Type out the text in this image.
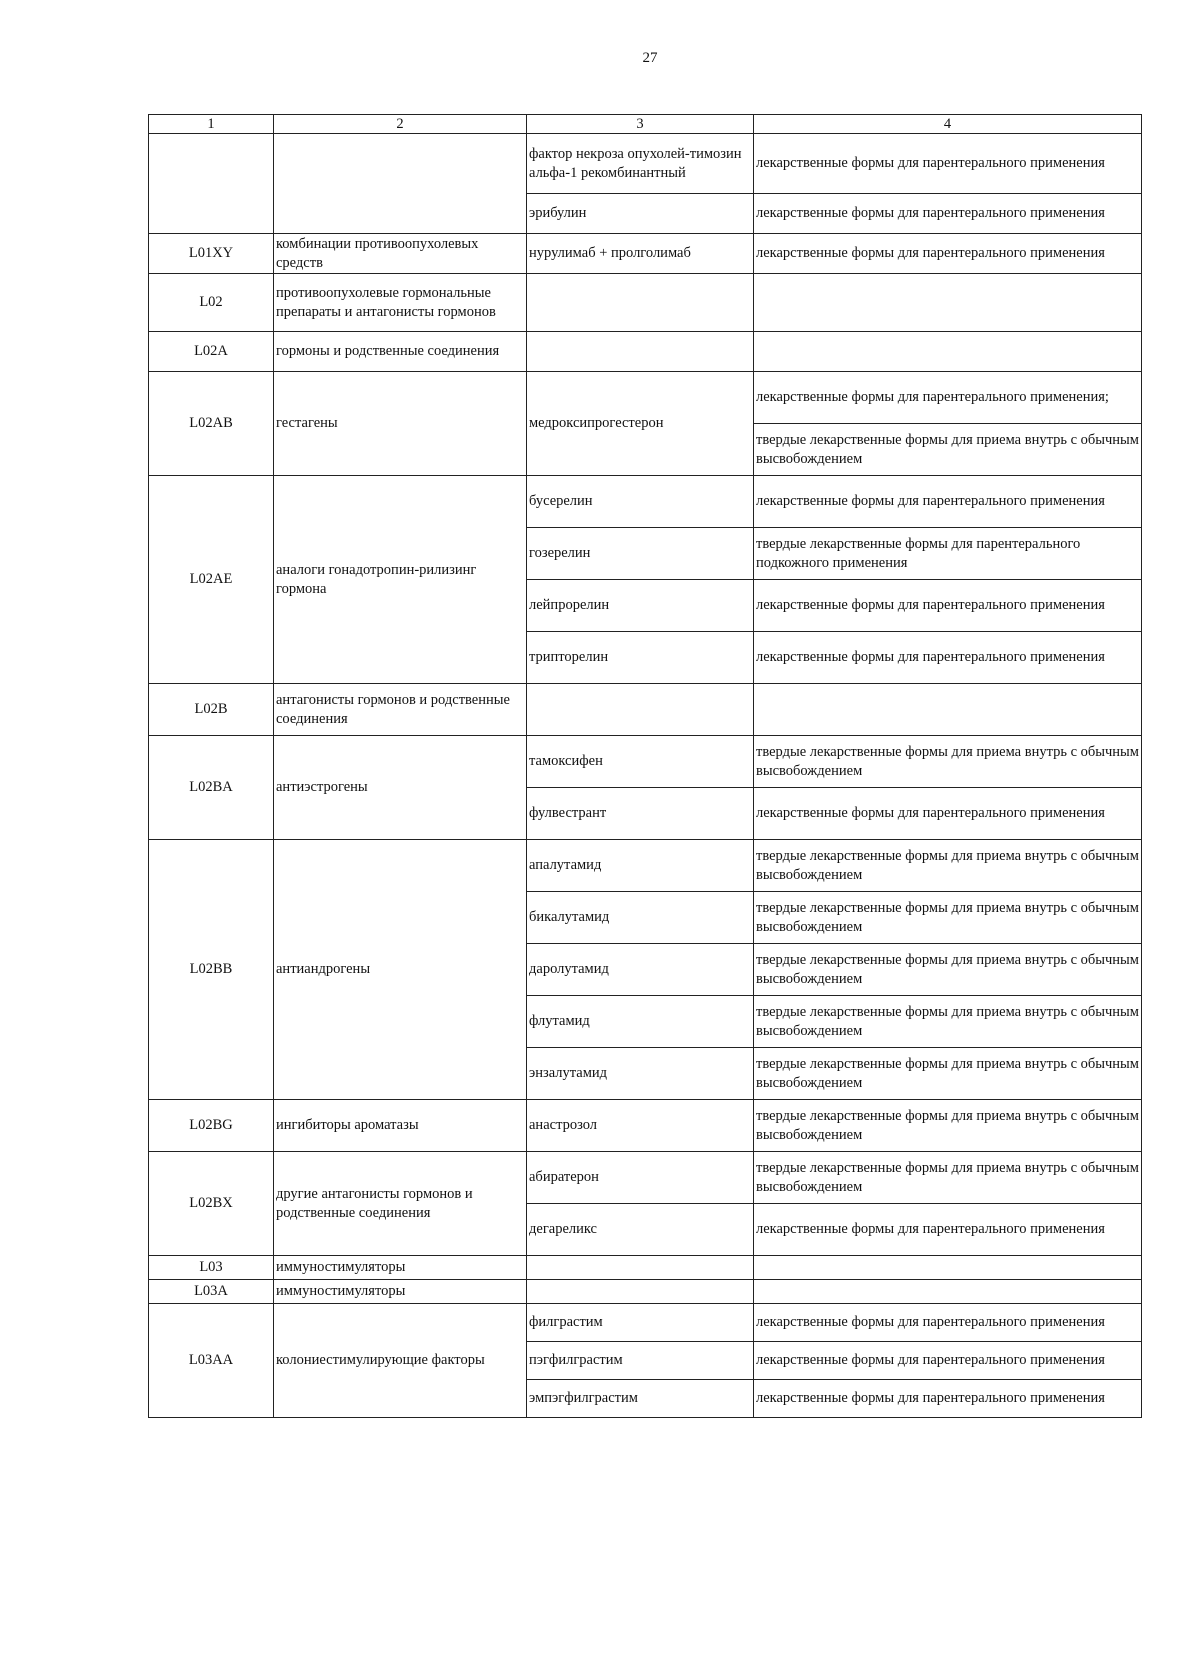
27
1	2	3	4
		фактор некроза опухолей-тимозин альфа-1 рекомбинантный	лекарственные формы для парентерального применения
		эрибулин	лекарственные формы для парентерального применения
L01XY	комбинации противоопухолевых средств	нурулимаб + пролголимаб	лекарственные формы для парентерального применения
L02	противоопухолевые гормональные препараты и антагонисты гормонов		
L02A	гормоны и родственные соединения		
L02AB	гестагены	медроксипрогестерон	лекарственные формы для парентерального применения;
			твердые лекарственные формы для приема внутрь с обычным высвобождением
L02AE	аналоги гонадотропин-рилизинг гормона	бусерелин	лекарственные формы для парентерального применения
		гозерелин	твердые лекарственные формы для парентерального подкожного применения
		лейпрорелин	лекарственные формы для парентерального применения
		трипторелин	лекарственные формы для парентерального применения
L02B	антагонисты гормонов и родственные соединения		
L02BA	антиэстрогены	тамоксифен	твердые лекарственные формы для приема внутрь с обычным высвобождением
		фулвестрант	лекарственные формы для парентерального применения
L02BB	антиандрогены	апалутамид	твердые лекарственные формы для приема внутрь с обычным высвобождением
		бикалутамид	твердые лекарственные формы для приема внутрь с обычным высвобождением
		даролутамид	твердые лекарственные формы для приема внутрь с обычным высвобождением
		флутамид	твердые лекарственные формы для приема внутрь с обычным высвобождением
		энзалутамид	твердые лекарственные формы для приема внутрь с обычным высвобождением
L02BG	ингибиторы ароматазы	анастрозол	твердые лекарственные формы для приема внутрь с обычным высвобождением
L02BX	другие антагонисты гормонов и родственные соединения	абиратерон	твердые лекарственные формы для приема внутрь с обычным высвобождением
		дегареликс	лекарственные формы для парентерального применения
L03	иммуностимуляторы		
L03A	иммуностимуляторы		
L03AA	колониестимулирующие факторы	филграстим	лекарственные формы для парентерального применения
		пэгфилграстим	лекарственные формы для парентерального применения
		эмпэгфилграстим	лекарственные формы для парентерального применения
